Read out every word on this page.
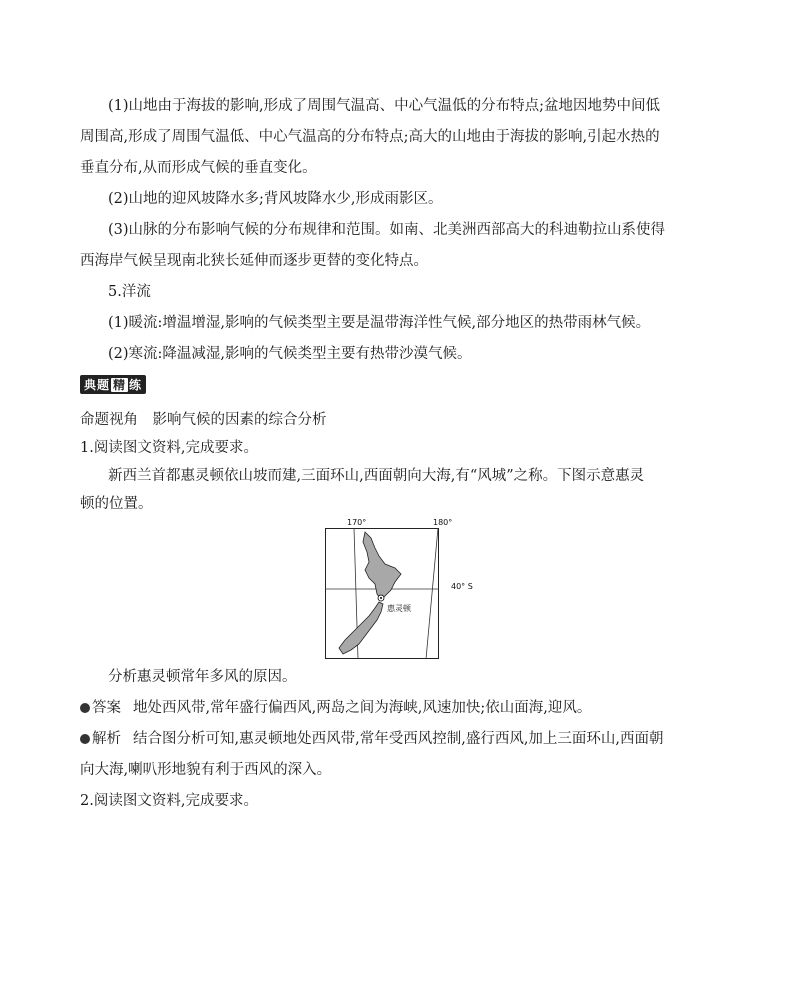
(1)山地由于海拔的影响,形成了周围气温高、中心气温低的分布特点;盆地因地势中间低
周围高,形成了周围气温低、中心气温高的分布特点;高大的山地由于海拔的影响,引起水热的
垂直分布,从而形成气候的垂直变化。
(2)山地的迎风坡降水多;背风坡降水少,形成雨影区。
(3)山脉的分布影响气候的分布规律和范围。如南、北美洲西部高大的科迪勒拉山系使得
西海岸气候呈现南北狭长延伸而逐步更替的变化特点。
5.洋流
(1)暖流:增温增湿,影响的气候类型主要是温带海洋性气候,部分地区的热带雨林气候。
(2)寒流:降温减湿,影响的气候类型主要有热带沙漠气候。
典题 精 练
命题视角　影响气候的因素的综合分析
1.阅读图文资料,完成要求。
新西兰首都惠灵顿依山坡而建,三面环山,西面朝向大海,有“风城”之称。下图示意惠灵
顿的位置。
170°	180°
40° S
惠灵顿
分析惠灵顿常年多风的原因。
答案 地处西风带,常年盛行偏西风,两岛之间为海峡,风速加快;依山面海,迎风。
解析 结合图分析可知,惠灵顿地处西风带,常年受西风控制,盛行西风,加上三面环山,西面朝
向大海,喇叭形地貌有利于西风的深入。
2.阅读图文资料,完成要求。
